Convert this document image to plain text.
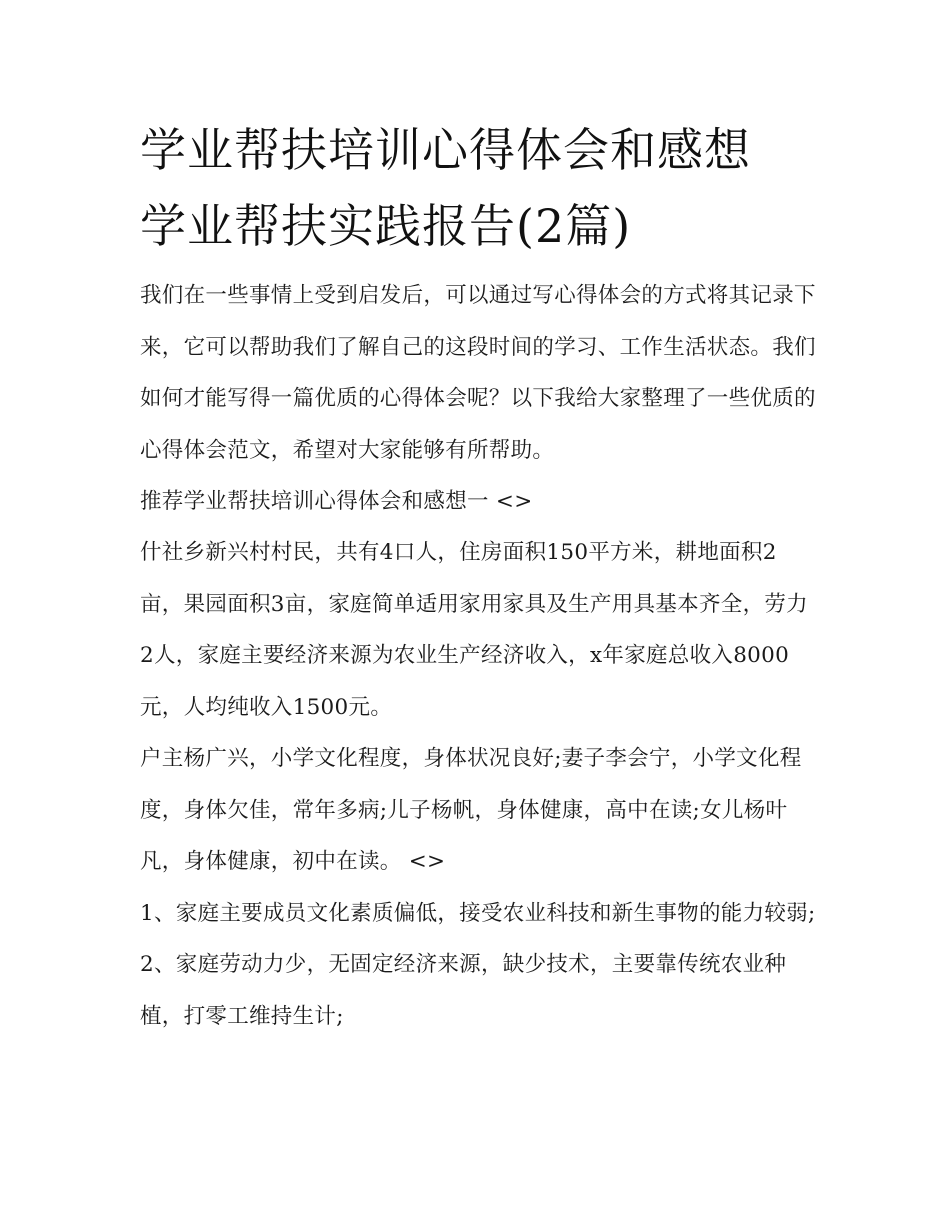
学业帮扶培训心得体会和感想
学业帮扶实践报告(2篇)

我们在一些事情上受到启发后，可以通过写心得体会的方式将其记录下来，它可以帮助我们了解自己的这段时间的学习、工作生活状态。我们如何才能写得一篇优质的心得体会呢？以下我给大家整理了一些优质的心得体会范文，希望对大家能够有所帮助。

推荐学业帮扶培训心得体会和感想一 <>

什社乡新兴村村民，共有4口人，住房面积150平方米，耕地面积2亩，果园面积3亩，家庭简单适用家用家具及生产用具基本齐全，劳力2人，家庭主要经济来源为农业生产经济收入，x年家庭总收入8000元，人均纯收入1500元。

户主杨广兴，小学文化程度，身体状况良好;妻子李会宁，小学文化程度，身体欠佳，常年多病;儿子杨帆，身体健康，高中在读;女儿杨叶凡，身体健康，初中在读。 <>

1、家庭主要成员文化素质偏低，接受农业科技和新生事物的能力较弱; 2、家庭劳动力少，无固定经济来源，缺少技术，主要靠传统农业种植，打零工维持生计;
